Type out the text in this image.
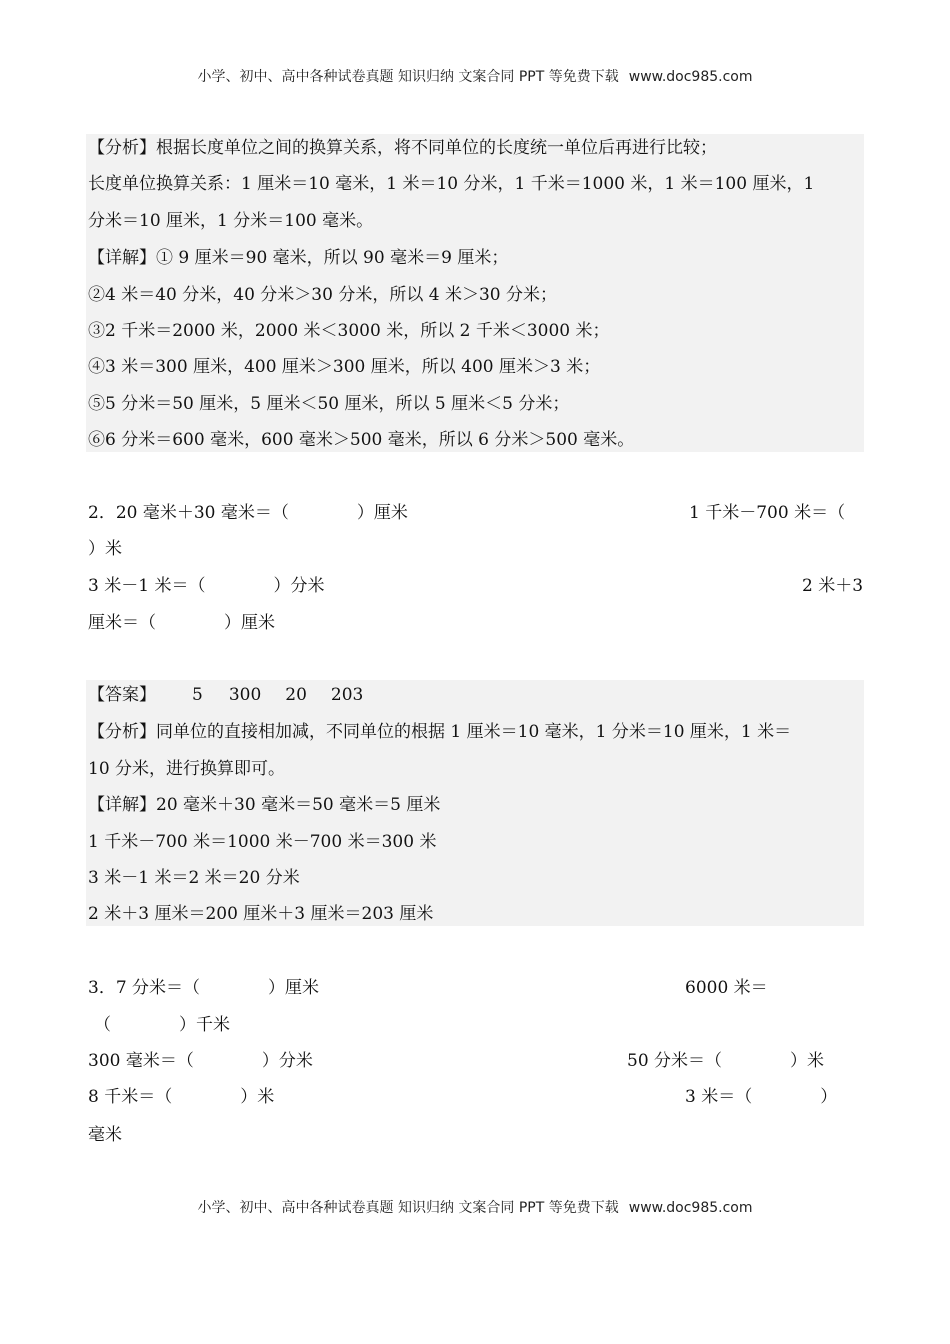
小学、初中、高中各种试卷真题 知识归纳 文案合同 PPT 等免费下载 www.doc985.com
【分析】根据长度单位之间的换算关系，将不同单位的长度统一单位后再进行比较；
长度单位换算关系：1 厘米＝10 毫米，1 米＝10 分米，1 千米＝1000 米，1 米＝100 厘米，1
分米＝10 厘米，1 分米＝100 毫米。
【详解】① 9 厘米＝90 毫米，所以 90 毫米＝9 厘米；
②4 米＝40 分米，40 分米＞30 分米，所以 4 米＞30 分米；
③2 千米＝2000 米，2000 米＜3000 米，所以 2 千米＜3000 米；
④3 米＝300 厘米，400 厘米＞300 厘米，所以 400 厘米＞3 米；
⑤5 分米＝50 厘米，5 厘米＜50 厘米，所以 5 厘米＜5 分米；
⑥6 分米＝600 毫米，600 毫米＞500 毫米，所以 6 分米＞500 毫米。
2．20 毫米＋30 毫米＝（　　　　）厘米	1 千米－700 米＝（
）米
3 米－1 米＝（　　　　）分米	2 米＋3
厘米＝（　　　　）厘米
【答案】 5 300 20 203
【分析】同单位的直接相加减，不同单位的根据 1 厘米＝10 毫米，1 分米＝10 厘米，1 米＝
10 分米，进行换算即可。
【详解】20 毫米＋30 毫米＝50 毫米＝5 厘米
1 千米－700 米＝1000 米－700 米＝300 米
3 米－1 米＝2 米＝20 分米
2 米＋3 厘米＝200 厘米＋3 厘米＝203 厘米
3．7 分米＝（　　　　）厘米	6000 米＝
（　　　　）千米
300 毫米＝（　　　　）分米	50 分米＝（　　　　）米
8 千米＝（　　　　）米	3 米＝（　　　　）
毫米
小学、初中、高中各种试卷真题 知识归纳 文案合同 PPT 等免费下载 www.doc985.com
